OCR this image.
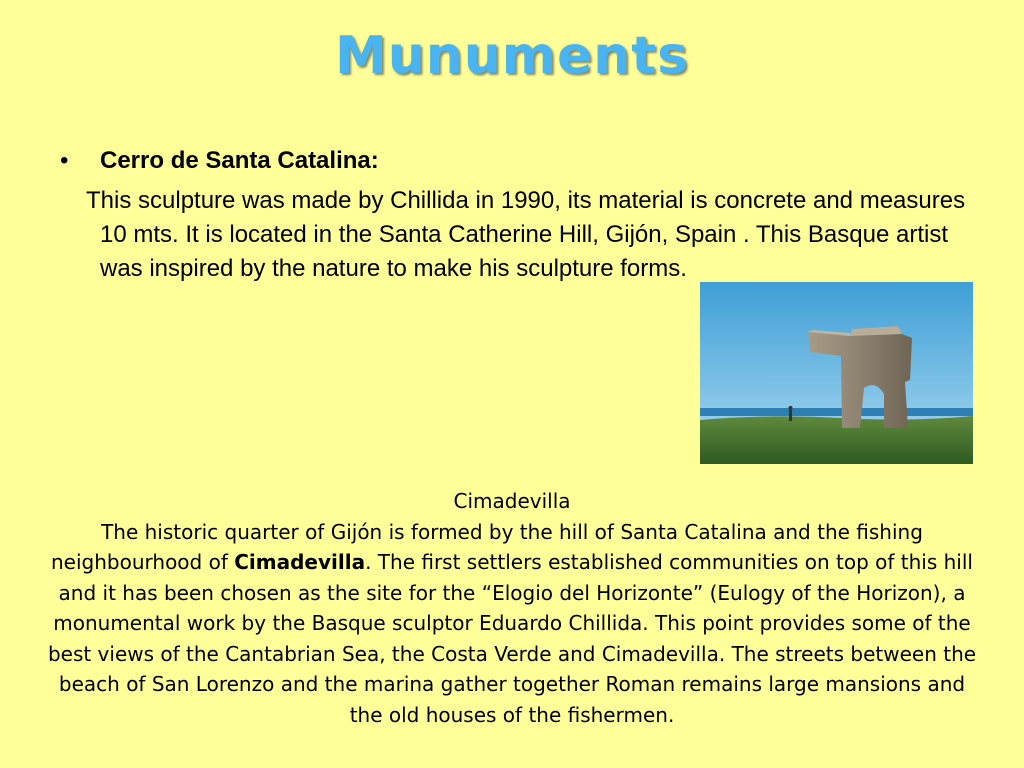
Munuments
• Cerro de Santa Catalina:

This sculpture was made by Chillida in 1990, its material is concrete and measures 10 mts. It is located in the Santa Catherine Hill, Gijón, Spain . This Basque artist was inspired by the nature to make his sculpture forms.

Cimadevilla
The historic quarter of Gijón is formed by the hill of Santa Catalina and the fishing neighbourhood of Cimadevilla. The first settlers established communities on top of this hill and it has been chosen as the site for the “Elogio del Horizonte” (Eulogy of the Horizon), a monumental work by the Basque sculptor Eduardo Chillida. This point provides some of the best views of the Cantabrian Sea, the Costa Verde and Cimadevilla. The streets between the beach of San Lorenzo and the marina gather together Roman remains large mansions and the old houses of the fishermen.
